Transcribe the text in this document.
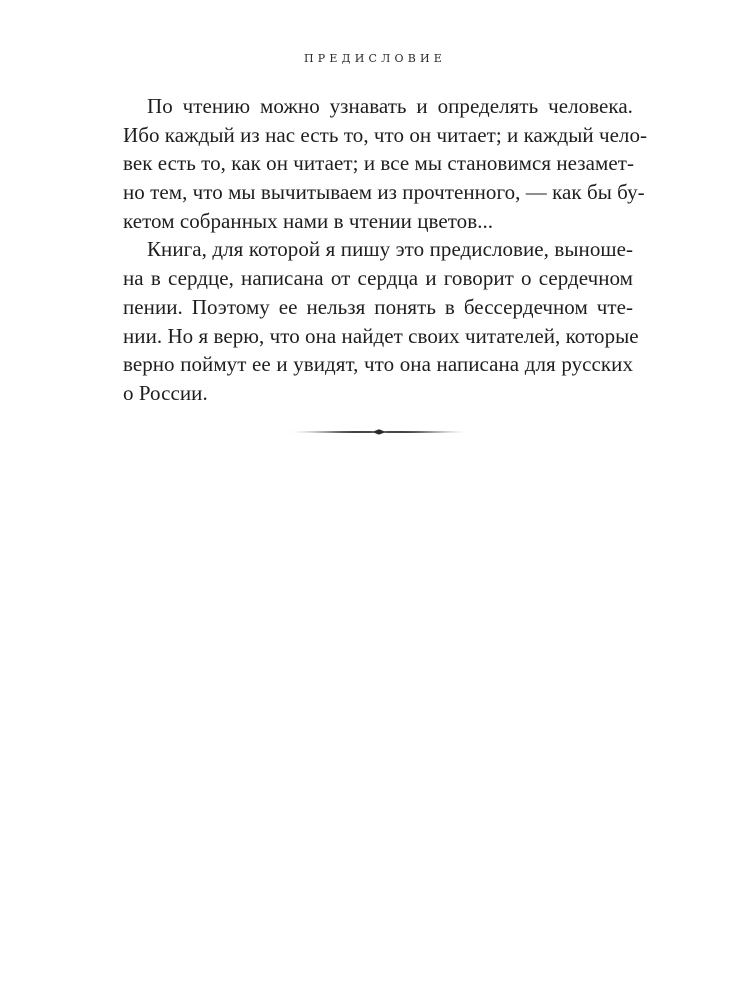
ПРЕДИСЛОВИЕ
По чтению можно узнавать и определять человека.
Ибо каждый из нас есть то, что он читает; и каждый чело-
век есть то, как он читает; и все мы становимся незамет-
но тем, что мы вычитываем из прочтенного, — как бы бу-
кетом собранных нами в чтении цветов...
Книга, для которой я пишу это предисловие, выноше-
на в сердце, написана от сердца и говорит о сердечном
пении. Поэтому ее нельзя понять в бессердечном чте-
нии. Но я верю, что она найдет своих читателей, которые
верно поймут ее и увидят, что она написана для русских
о России.
